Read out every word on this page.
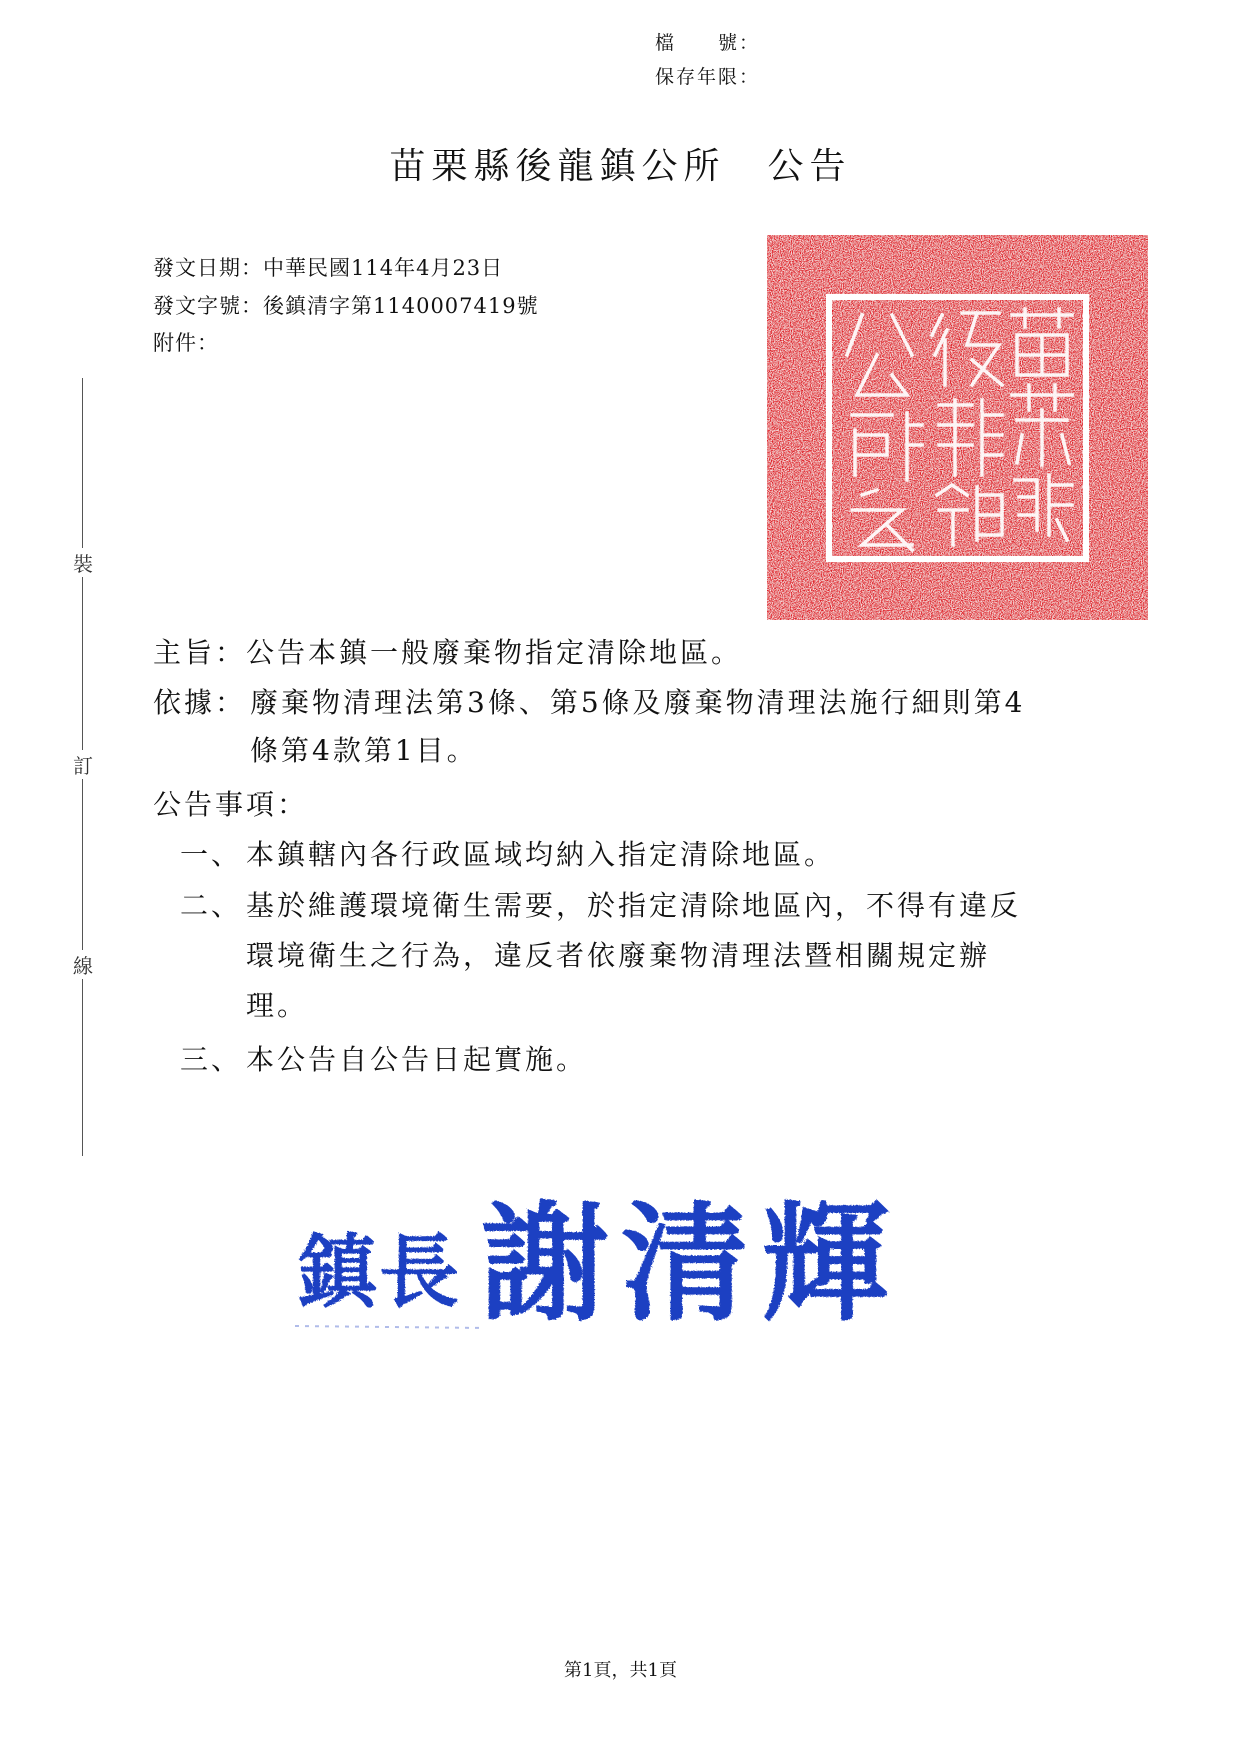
檔　　號：
保存年限：
苗栗縣後龍鎮公所 公告
發文日期：中華民國114年4月23日
發文字號：後鎮清字第1140007419號
附件：
裝
訂
線
主旨：公告本鎮一般廢棄物指定清除地區。
依據： 廢棄物清理法第3條、第5條及廢棄物清理法施行細則第4
條第4款第1目。
公告事項：
一、 本鎮轄內各行政區域均納入指定清除地區。
二、 基於維護環境衛生需要，於指定清除地區內，不得有違反
環境衛生之行為，違反者依廢棄物清理法暨相關規定辦
理。
三、 本公告自公告日起實施。
鎮長 謝清輝
第1頁，共1頁
